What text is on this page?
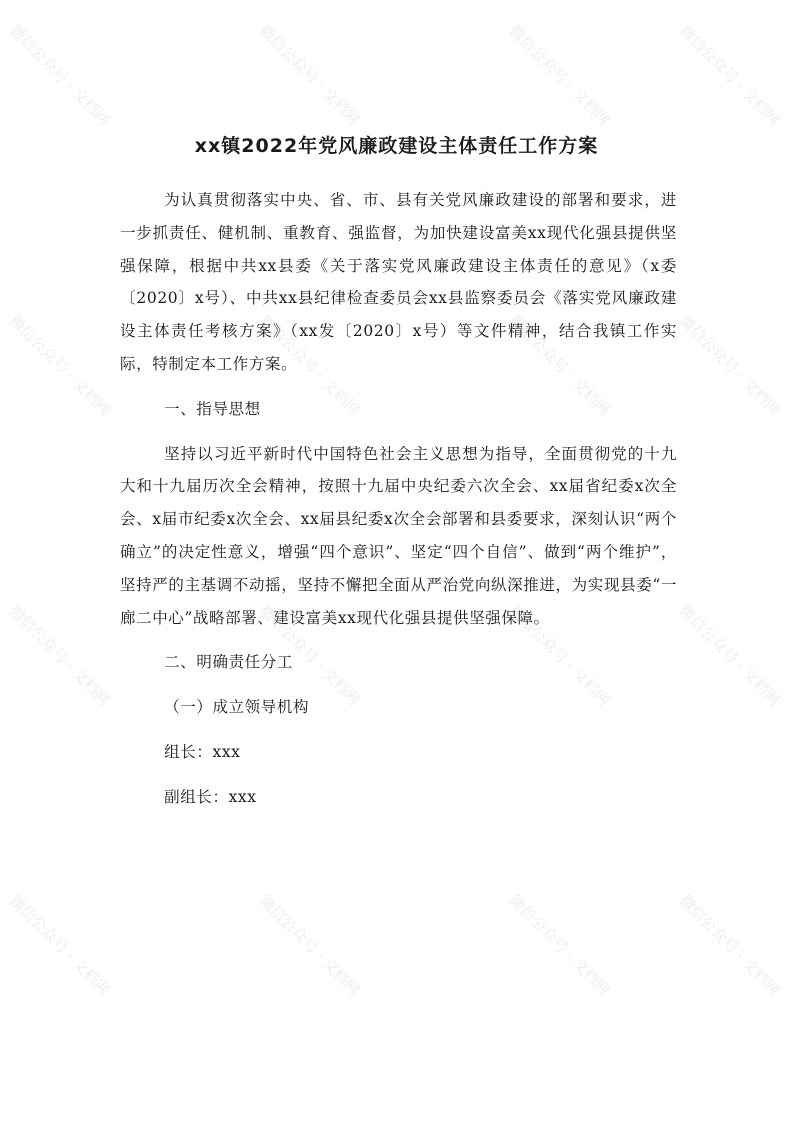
微信公众号 · 文档网	微信公众号 · 文档网	微信公众号 · 文档网	微信公众号 · 文档网
微信公众号 · 文档网	微信公众号 · 文档网	微信公众号 · 文档网	微信公众号 · 文档网
微信公众号 · 文档网	微信公众号 · 文档网	微信公众号 · 文档网	微信公众号 · 文档网
微信公众号 · 文档网	微信公众号 · 文档网	微信公众号 · 文档网	微信公众号 · 文档网
xx镇2022年党风廉政建设主体责任工作方案

为认真贯彻落实中央、省、市、县有关党风廉政建设的部署和要求，进一步抓责任、健机制、重教育、强监督，为加快建设富美xx现代化强县提供坚强保障，根据中共xx县委《关于落实党风廉政建设主体责任的意见》（x委〔2020〕x号）、中共xx县纪律检查委员会xx县监察委员会《落实党风廉政建设主体责任考核方案》（xx发〔2020〕x号）等文件精神，结合我镇工作实际，特制定本工作方案。

一、指导思想

坚持以习近平新时代中国特色社会主义思想为指导，全面贯彻党的十九大和十九届历次全会精神，按照十九届中央纪委六次全会、xx届省纪委x次全会、x届市纪委x次全会、xx届县纪委x次全会部署和县委要求，深刻认识“两个确立”的决定性意义，增强“四个意识”、坚定“四个自信”、做到“两个维护”，坚持严的主基调不动摇，坚持不懈把全面从严治党向纵深推进，为实现县委“一廊二中心”战略部署、建设富美xx现代化强县提供坚强保障。

二、明确责任分工

（一）成立领导机构

组长：xxx

副组长：xxx
